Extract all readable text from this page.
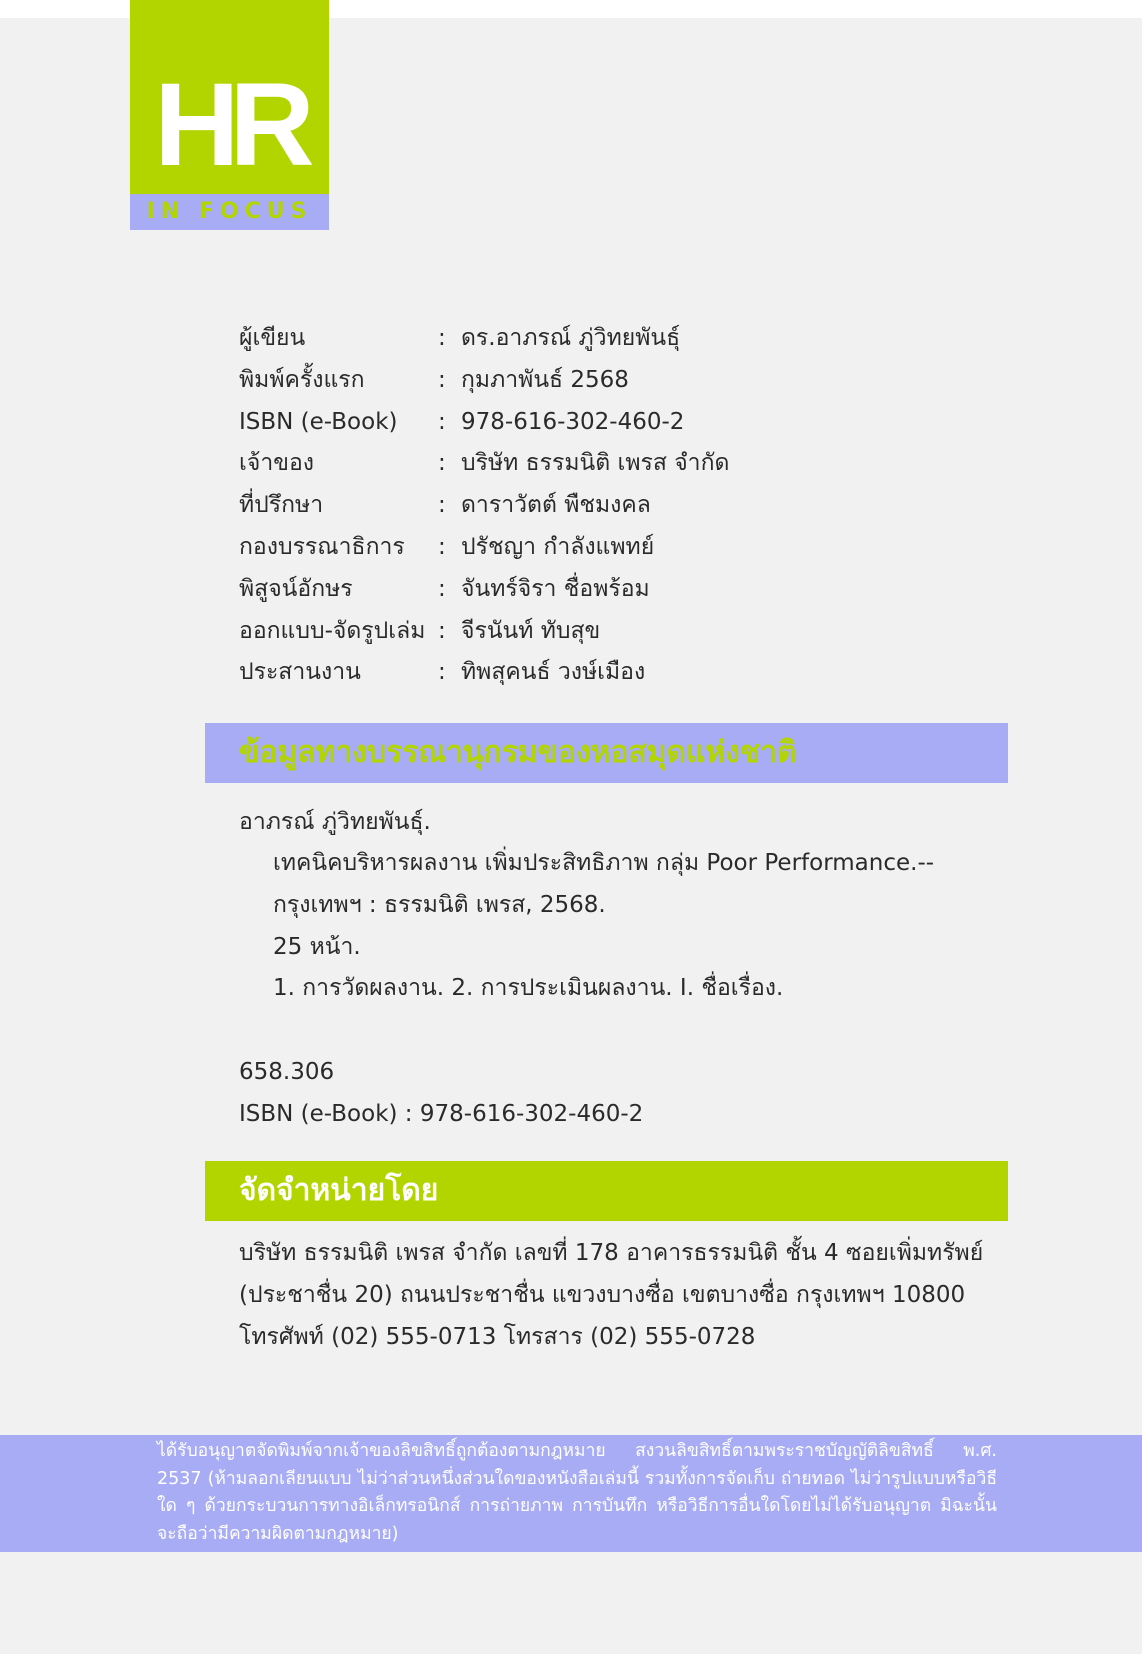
HR
IN FOCUS
ผู้เขียน	: ดร.อาภรณ์ ภู่วิทยพันธุ์
พิมพ์ครั้งแรก	: กุมภาพันธ์ 2568
ISBN (e-Book) : 978-616-302-460-2
เจ้าของ	: บริษัท ธรรมนิติ เพรส จำกัด
ที่ปรึกษา	: ดาราวัตต์ พืชมงคล
กองบรรณาธิการ : ปรัชญา กำลังแพทย์
พิสูจน์อักษร	: จันทร์จิรา ชื่อพร้อม
ออกแบบ-จัดรูปเล่ม : จีรนันท์ ทับสุข
ประสานงาน	: ทิพสุคนธ์ วงษ์เมือง
ข้อมูลทางบรรณานุกรมของหอสมุดแห่งชาติ
อาภรณ์ ภู่วิทยพันธุ์.
เทคนิคบริหารผลงาน เพิ่มประสิทธิภาพ กลุ่ม Poor Performance.--
กรุงเทพฯ : ธรรมนิติ เพรส, 2568.
25 หน้า.
1. การวัดผลงาน. 2. การประเมินผลงาน. I. ชื่อเรื่อง.
658.306
ISBN (e-Book) : 978-616-302-460-2
จัดจำหน่ายโดย
บริษัท ธรรมนิติ เพรส จำกัด เลขที่ 178 อาคารธรรมนิติ ชั้น 4 ซอยเพิ่มทรัพย์
(ประชาชื่น 20) ถนนประชาชื่น แขวงบางซื่อ เขตบางซื่อ กรุงเทพฯ 10800
โทรศัพท์ (02) 555-0713 โทรสาร (02) 555-0728
ได้รับอนุญาตจัดพิมพ์จากเจ้าของลิขสิทธิ์ถูกต้องตามกฎหมาย สงวนลิขสิทธิ์ตามพระราชบัญญัติลิขสิทธิ์ พ.ศ. 2537 (ห้ามลอกเลียนแบบ ไม่ว่าส่วนหนึ่งส่วนใดของหนังสือเล่มนี้ รวมทั้งการจัดเก็บ ถ่ายทอด ไม่ว่ารูปแบบหรือวิธีใด ๆ ด้วยกระบวนการทางอิเล็กทรอนิกส์ การถ่ายภาพ การบันทึก หรือวิธีการอื่นใดโดยไม่ได้รับอนุญาต มิฉะนั้น จะถือว่ามีความผิดตามกฎหมาย)
